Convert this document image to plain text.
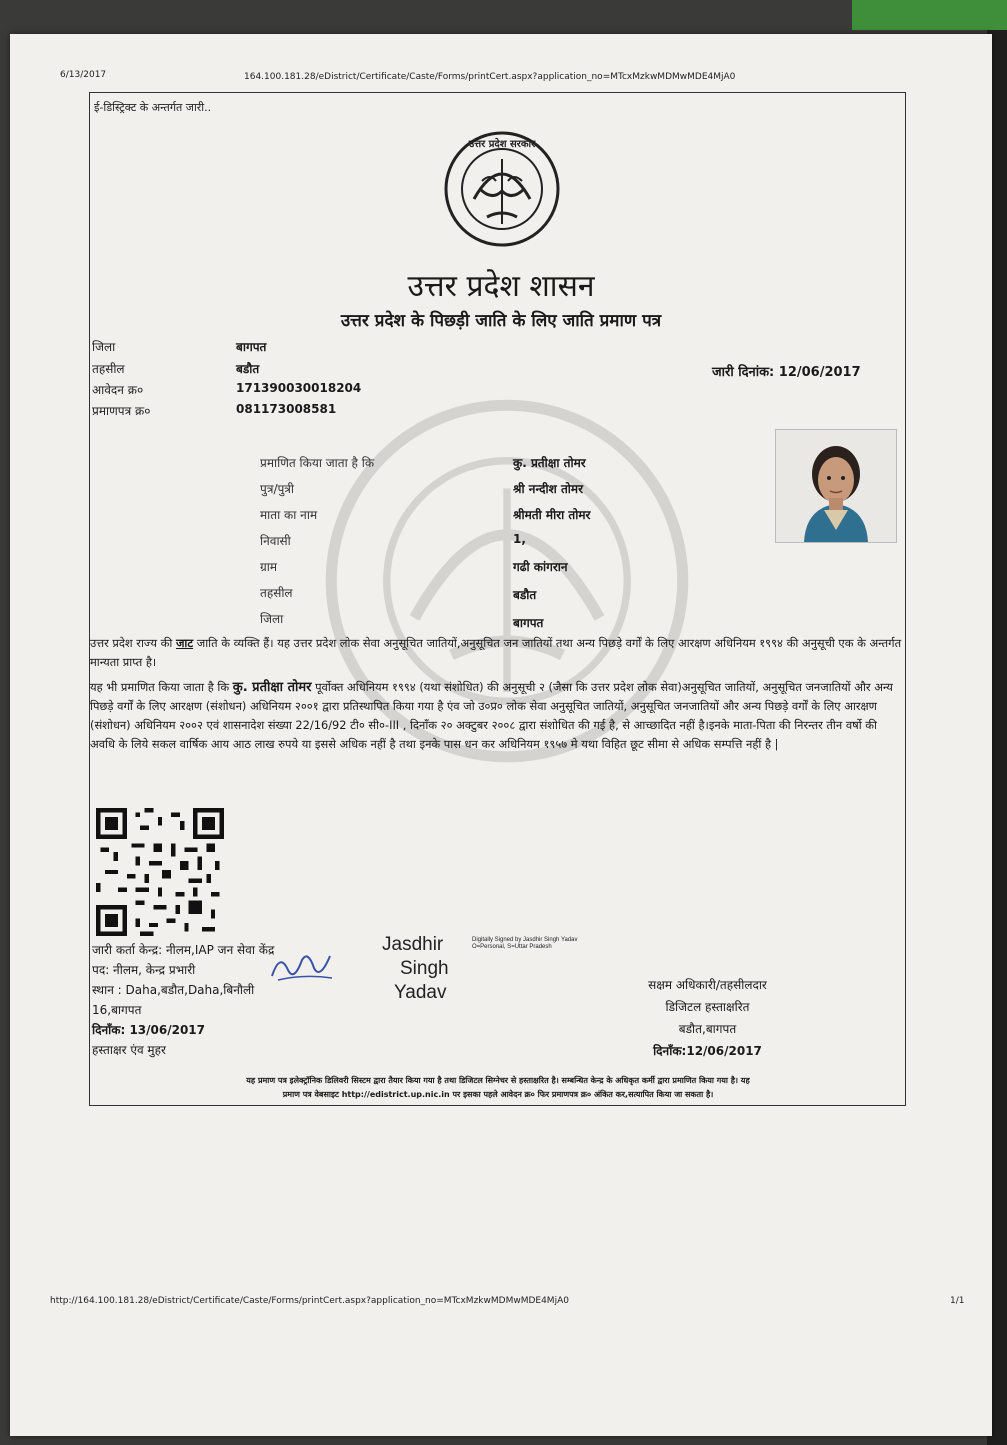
6/13/2017	164.100.181.28/eDistrict/Certificate/Caste/Forms/printCert.aspx?application_no=MTcxMzkwMDMwMDE4MjA0
ई-डिस्ट्रिक्ट के अन्तर्गत जारी..
उत्तर प्रदेश सरकार
उत्तर प्रदेश शासन
उत्तर प्रदेश के पिछड़ी जाति के लिए जाति प्रमाण पत्र
जिला	बागपत
तहसील	बडौत
आवेदन क्र०	171390030018204
प्रमाणपत्र क्र०	081173008581
जारी दिनांक: 12/06/2017
प्रमाणित किया जाता है कि	कु. प्रतीक्षा तोमर
पुत्र/पुत्री	श्री नन्दीश तोमर
माता का नाम	श्रीमती मीरा तोमर
निवासी	1,
ग्राम	गढी कांगरान
तहसील	बडौत
जिला	बागपत
उत्तर प्रदेश राज्य की जाट जाति के व्यक्ति हैं। यह उत्तर प्रदेश लोक सेवा अनुसूचित जातियों,अनुसूचित जन जातियों तथा अन्य पिछड़े वर्गों के लिए आरक्षण अधिनियम १९९४ की अनुसूची एक के अन्तर्गत मान्यता प्राप्त है।
यह भी प्रमाणित किया जाता है कि कु. प्रतीक्षा तोमर पूर्वोक्त अधिनियम १९९४ (यथा संशोधित) की अनुसूची २ (जैसा कि उत्तर प्रदेश लोक सेवा)अनुसूचित जातियों, अनुसूचित जनजातियों और अन्य पिछड़े वर्गों के लिए आरक्षण (संशोधन) अधिनियम २००१ द्वारा प्रतिस्थापित किया गया है एंव जो उ०प्र० लोक सेवा अनुसूचित जातियों, अनुसूचित जनजातियों और अन्य पिछड़े वर्गों के लिए आरक्षण (संशोधन) अधिनियम २००२ एवं शासनादेश संख्या 22/16/92 टी० सी०-III , दिनाँक २० अक्टुबर २००८ द्वारा संशोधित की गई है, से आच्छादित नहीं है।इनके माता-पिता की निरन्तर तीन वर्षो की अवधि के लिये सकल वार्षिक आय आठ लाख रुपये या इससे अधिक नहीं है तथा इनके पास धन कर अधिनियम १९५७ मे यथा विहित छूट सीमा से अधिक सम्पत्ति नहीं है |
जारी कर्ता केन्द्र: नीलम,IAP जन सेवा केंद्र
पद: नीलम, केन्द्र प्रभारी
स्थान : Daha,बडौत,Daha,बिनौली
16,बागपत
दिनाँक: 13/06/2017
हस्ताक्षर एंव मुहर
Jasdhir
Singh
Yadav
Digitally Signed by Jasdhir Singh Yadav O=Personal, S=Uttar Pradesh
सक्षम अधिकारी/तहसीलदार
डिजिटल हस्ताक्षरित
बडौत,बागपत
दिनाँक:12/06/2017
यह प्रमाण पत्र इलेक्ट्रॉनिक डिलिवरी सिस्टम द्वारा तैयार किया गया है तथा डिजिटल सिग्नेचर से हस्ताक्षरित है। सम्बन्धित केन्द्र के अधिकृत कर्मी द्वारा प्रमाणित किया गया है। यह
प्रमाण पत्र वेबसाइट http://edistrict.up.nic.in पर इसका पहले आवेदन क्र० फिर प्रमाणपत्र क्र० अंकित कर,सत्यापित किया जा सकता है।
http://164.100.181.28/eDistrict/Certificate/Caste/Forms/printCert.aspx?application_no=MTcxMzkwMDMwMDE4MjA0	1/1
